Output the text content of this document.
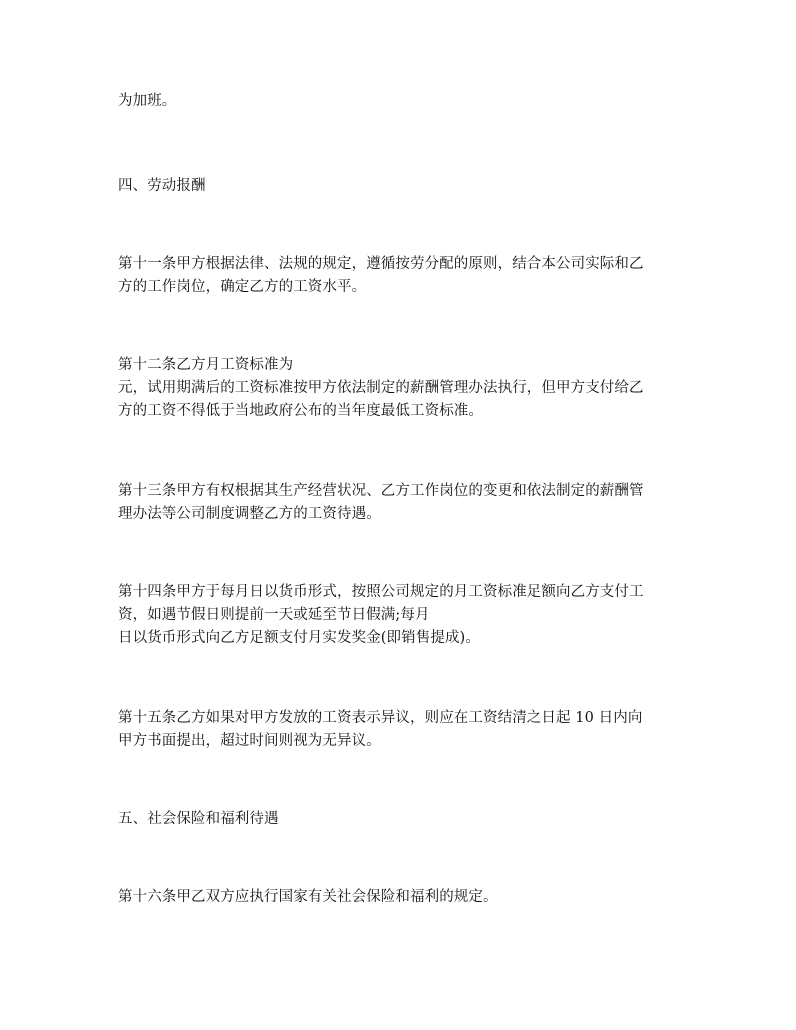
为加班。
四、劳动报酬
第十一条甲方根据法律、法规的规定，遵循按劳分配的原则，结合本公司实际和乙
方的工作岗位，确定乙方的工资水平。
第十二条乙方月工资标准为
元，试用期满后的工资标准按甲方依法制定的薪酬管理办法执行，但甲方支付给乙
方的工资不得低于当地政府公布的当年度最低工资标准。
第十三条甲方有权根据其生产经营状况、乙方工作岗位的变更和依法制定的薪酬管
理办法等公司制度调整乙方的工资待遇。
第十四条甲方于每月日以货币形式，按照公司规定的月工资标准足额向乙方支付工
资，如遇节假日则提前一天或延至节日假满;每月
日以货币形式向乙方足额支付月实发奖金(即销售提成)。
第十五条乙方如果对甲方发放的工资表示异议，则应在工资结清之日起 10 日内向
甲方书面提出，超过时间则视为无异议。
五、社会保险和福利待遇
第十六条甲乙双方应执行国家有关社会保险和福利的规定。
